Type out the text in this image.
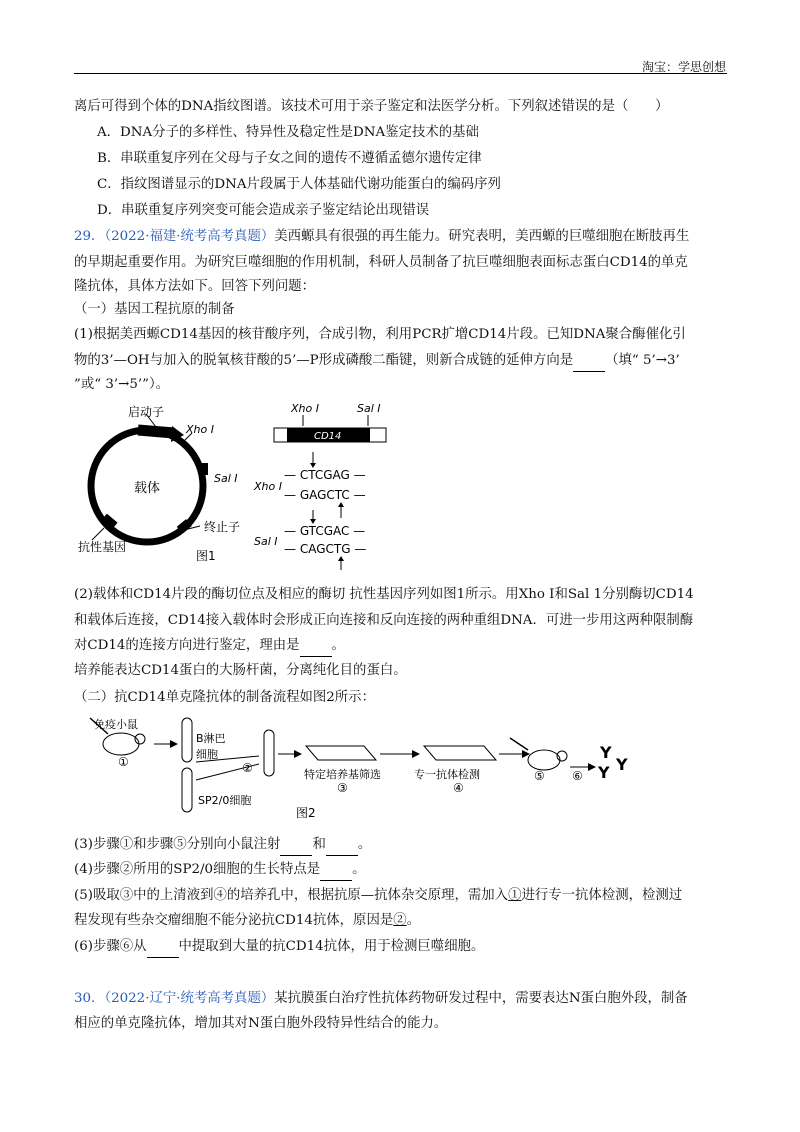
淘宝：学思创想
离后可得到个体的DNA指纹图谱。该技术可用于亲子鉴定和法医学分析。下列叙述错误的是（　　）
A．DNA分子的多样性、特异性及稳定性是DNA鉴定技术的基础
B．串联重复序列在父母与子女之间的遗传不遵循孟德尔遗传定律
C．指纹图谱显示的DNA片段属于人体基础代谢功能蛋白的编码序列
D．串联重复序列突变可能会造成亲子鉴定结论出现错误
29．（2022·福建·统考高考真题）美西螈具有很强的再生能力。研究表明，美西螈的巨噬细胞在断肢再生
的早期起重要作用。为研究巨噬细胞的作用机制，科研人员制备了抗巨噬细胞表面标志蛋白CD14的单克
隆抗体，具体方法如下。回答下列问题：
（一）基因工程抗原的制备
(1)根据美西螈CD14基因的核苷酸序列，合成引物，利用PCR扩增CD14片段。已知DNA聚合酶催化引
物的3’—OH与加入的脱氧核苷酸的5’—P形成磷酸二酯键，则新合成链的延伸方向是 （填“ 5’→3’
”或“ 3’→5’”）。
启动子
Xho I
Sal I
载体
终止子
抗性基因
图1
Xho I	Sal I
CD14
— CTCGAG —
Xho I
— GAGCTC —
— GTCGAC —
Sal I
— CAGCTG —
(2)载体和CD14片段的酶切位点及相应的酶切 抗性基因序列如图1所示。用Xho I和Sal 1分别酶切CD14
和载体后连接，CD14接入载体时会形成正向连接和反向连接的两种重组DNA．可进一步用这两种限制酶
对CD14的连接方向进行鉴定，理由是 。
培养能表达CD14蛋白的大肠杆菌，分离纯化目的蛋白。
（二）抗CD14单克隆抗体的制备流程如图2所示：
免疫小鼠
①
B淋巴
细胞
SP2/0细胞
②	特定培养基筛选
③
专一抗体检测
④
⑤ ⑥
Y
Y Y
图2
(3)步骤①和步骤⑤分别向小鼠注射 和 。
(4)步骤②所用的SP2/0细胞的生长特点是 。
(5)吸取③中的上清液到④的培养孔中，根据抗原—抗体杂交原理，需加入①进行专一抗体检测，检测过
程发现有些杂交瘤细胞不能分泌抗CD14抗体，原因是②。
(6)步骤⑥从 中提取到大量的抗CD14抗体，用于检测巨噬细胞。
30．（2022·辽宁·统考高考真题）某抗膜蛋白治疗性抗体药物研发过程中，需要表达N蛋白胞外段，制备
相应的单克隆抗体，增加其对N蛋白胞外段特异性结合的能力。
